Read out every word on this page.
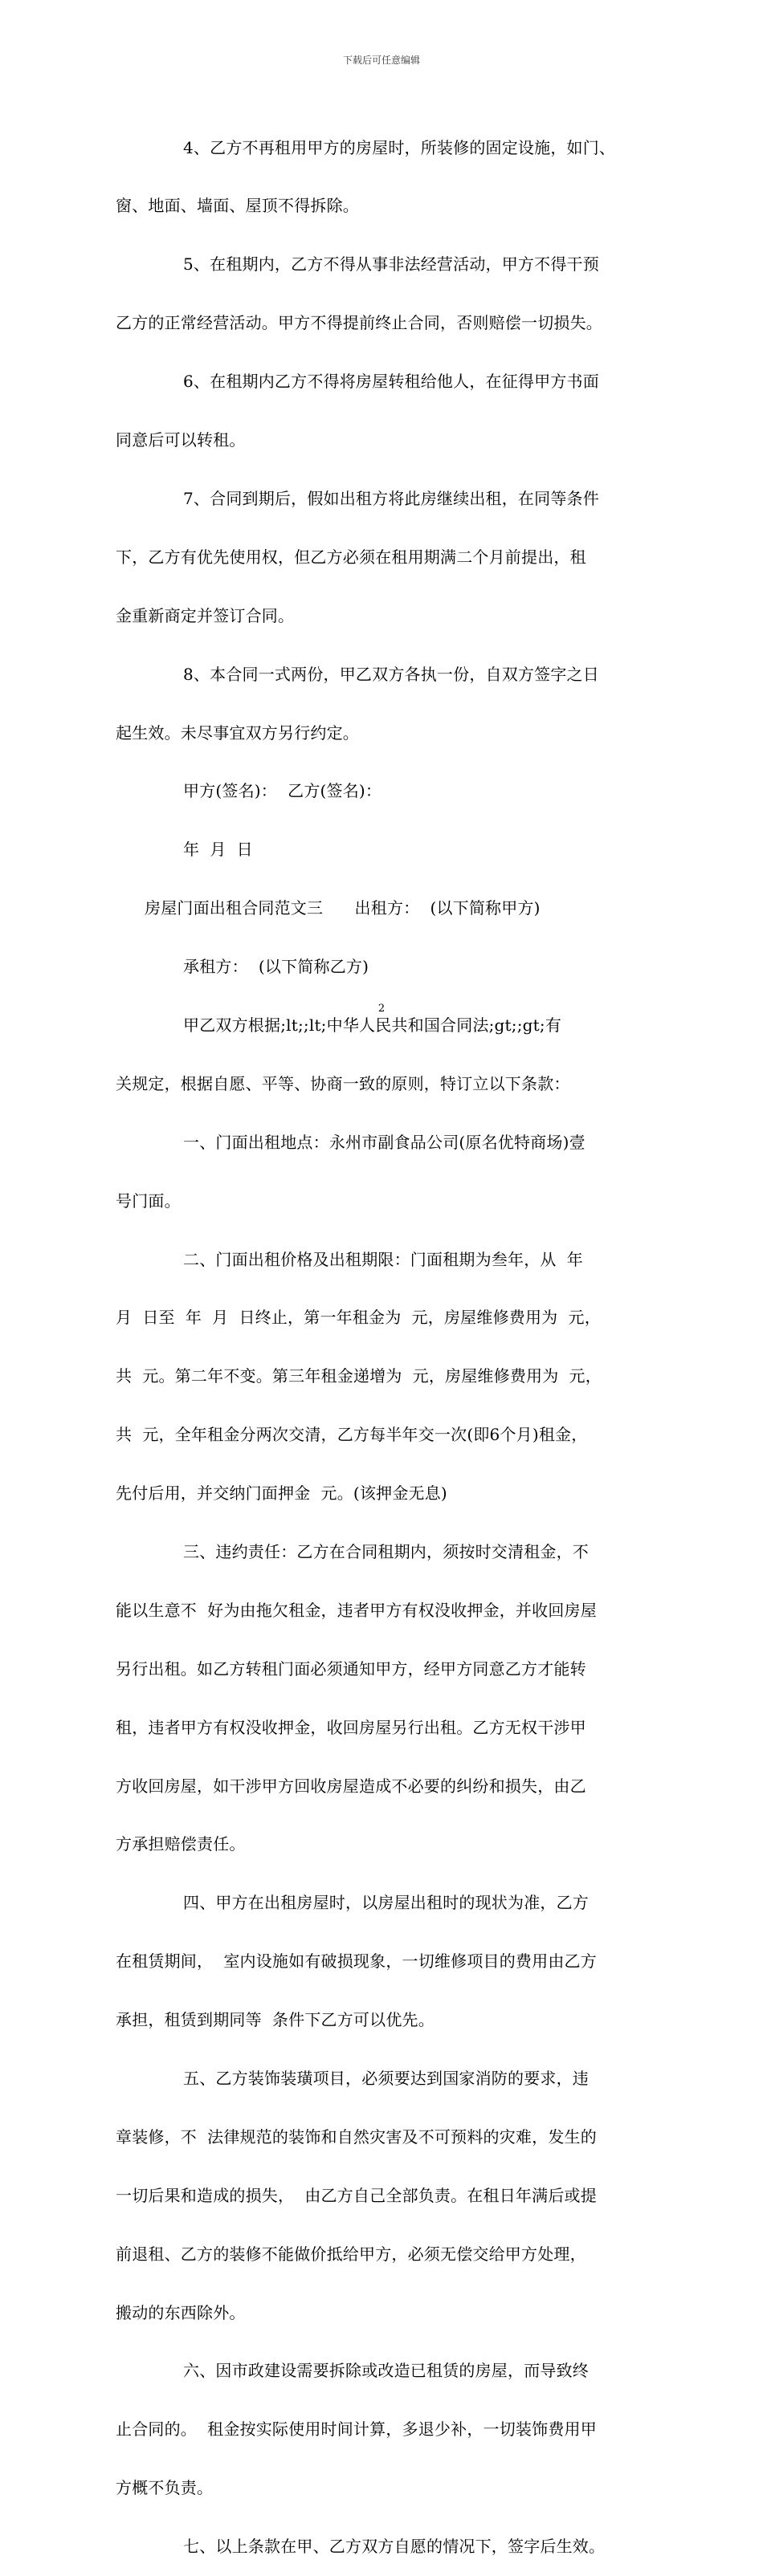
下载后可任意编辑

4、乙方不再租用甲方的房屋时，所装修的固定设施，如门、

窗、地面、墙面、屋顶不得拆除。

5、在租期内，乙方不得从事非法经营活动，甲方不得干预

乙方的正常经营活动。甲方不得提前终止合同，否则赔偿一切损失。

6、在租期内乙方不得将房屋转租给他人，在征得甲方书面

同意后可以转租。

7、合同到期后，假如出租方将此房继续出租，在同等条件

下，乙方有优先使用权，但乙方必须在租用期满二个月前提出，租

金重新商定并签订合同。

8、本合同一式两份，甲乙双方各执一份，自双方签字之日

起生效。未尽事宜双方另行约定。

甲方(签名)：  乙方(签名)：

年  月  日

房屋门面出租合同范文三      出租方：  (以下简称甲方)

承租方：  (以下简称乙方)

甲乙双方根据;lt;;lt;中华人民共和国合同法;gt;;gt;有

关规定，根据自愿、平等、协商一致的原则，特订立以下条款：

一、门面出租地点：永州市副食品公司(原名优特商场)壹

号门面。

二、门面出租价格及出租期限：门面租期为叁年，从  年

月  日至  年  月  日终止，第一年租金为  元，房屋维修费用为  元，

共  元。第二年不变。第三年租金递增为  元，房屋维修费用为  元，

共  元，全年租金分两次交清，乙方每半年交一次(即6个月)租金，

先付后用，并交纳门面押金  元。(该押金无息)

三、违约责任：乙方在合同租期内，须按时交清租金，不

能以生意不  好为由拖欠租金，违者甲方有权没收押金，并收回房屋

另行出租。如乙方转租门面必须通知甲方，经甲方同意乙方才能转

租，违者甲方有权没收押金，收回房屋另行出租。乙方无权干涉甲

方收回房屋，如干涉甲方回收房屋造成不必要的纠纷和损失，由乙

方承担赔偿责任。

四、甲方在出租房屋时，以房屋出租时的现状为准，乙方

在租赁期间，  室内设施如有破损现象，一切维修项目的费用由乙方

承担，租赁到期同等  条件下乙方可以优先。

五、乙方装饰装璜项目，必须要达到国家消防的要求，违

章装修，不  法律规范的装饰和自然灾害及不可预料的灾难，发生的

一切后果和造成的损失，  由乙方自己全部负责。在租日年满后或提

前退租、乙方的装修不能做价抵给甲方，必须无偿交给甲方处理，

搬动的东西除外。

六、因市政建设需要拆除或改造已租赁的房屋，而导致终

止合同的。  租金按实际使用时间计算，多退少补，一切装饰费用甲

方概不负责。

七、以上条款在甲、乙方双方自愿的情况下，签字后生效。

2
